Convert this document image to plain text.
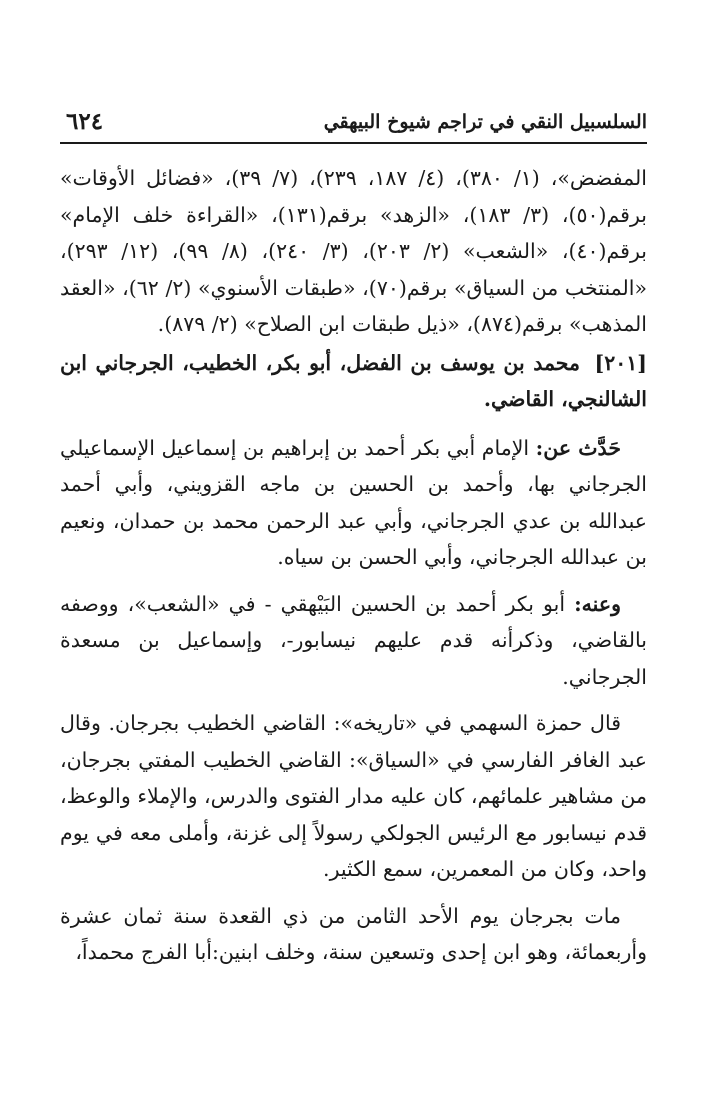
٦٢٤	السلسبيل النقي في تراجم شيوخ البيهقي

المفضض»، (١/ ٣٨٠)، (٤/ ١٨٧، ٢٣٩)، (٧/ ٣٩)، «فضائل الأوقات» برقم(٥٠)، (٣/ ١٨٣)، «الزهد» برقم(١٣١)، «القراءة خلف الإمام» برقم(٤٠)، «الشعب» (٢/ ٢٠٣)، (٣/ ٢٤٠)، (٨/ ٩٩)، (١٢/ ٢٩٣)، «المنتخب من السياق» برقم(٧٠)، «طبقات الأسنوي» (٢/ ٦٢)، «العقد المذهب» برقم(٨٧٤)، «ذيل طبقات ابن الصلاح» (٢/ ٨٧٩).

[٢٠١] محمد بن يوسف بن الفضل، أبو بكر، الخطيب، الجرجاني ابن الشالنجي، القاضي.

حَدَّث عن: الإمام أبي بكر أحمد بن إبراهيم بن إسماعيل الإسماعيلي الجرجاني بها، وأحمد بن الحسين بن ماجه القزويني، وأبي أحمد عبدالله بن عدي الجرجاني، وأبي عبد الرحمن محمد بن حمدان، ونعيم بن عبدالله الجرجاني، وأبي الحسن بن سياه.

وعنه: أبو بكر أحمد بن الحسين البَيْهقي - في «الشعب»، ووصفه بالقاضي، وذكرأنه قدم عليهم نيسابور-، وإسماعيل بن مسعدة الجرجاني.

قال حمزة السهمي في «تاريخه»: القاضي الخطيب بجرجان. وقال عبد الغافر الفارسي في «السياق»: القاضي الخطيب المفتي بجرجان، من مشاهير علمائهم، كان عليه مدار الفتوى والدرس، والإملاء والوعظ، قدم نيسابور مع الرئيس الجولكي رسولاً إلى غزنة، وأملى معه في يوم واحد، وكان من المعمرين، سمع الكثير.

مات بجرجان يوم الأحد الثامن من ذي القعدة سنة ثمان عشرة وأربعمائة، وهو ابن إحدى وتسعين سنة، وخلف ابنين:أبا الفرج محمداً،
